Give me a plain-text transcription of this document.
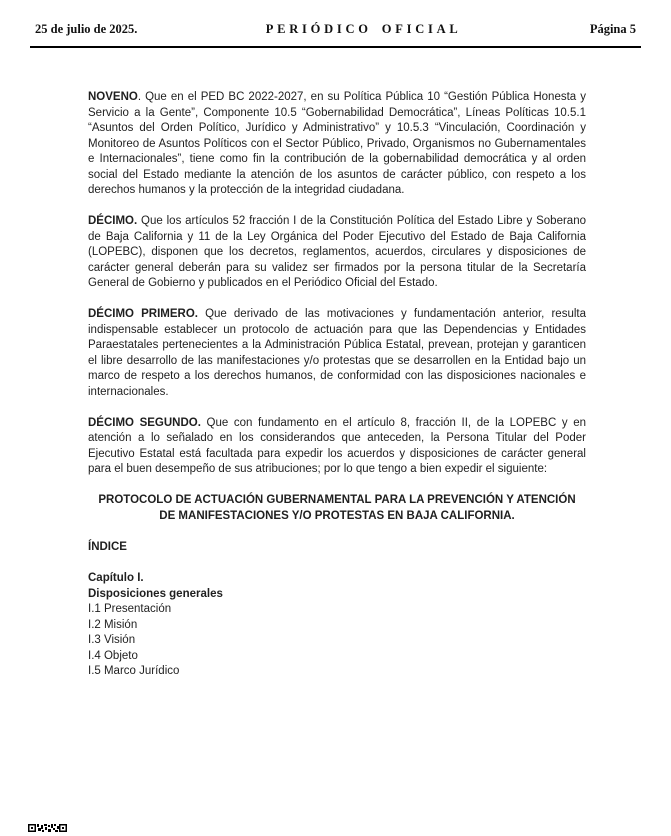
25 de julio de 2025.	PERIÓDICO OFICIAL	Página 5

NOVENO. Que en el PED BC 2022-2027, en su Política Pública 10 “Gestión Pública Honesta y Servicio a la Gente”, Componente 10.5 “Gobernabilidad Democrática”, Líneas Políticas 10.5.1 “Asuntos del Orden Político, Jurídico y Administrativo” y 10.5.3 “Vinculación, Coordinación y Monitoreo de Asuntos Políticos con el Sector Público, Privado, Organismos no Gubernamentales e Internacionales”, tiene como fin la contribución de la gobernabilidad democrática y al orden social del Estado mediante la atención de los asuntos de carácter público, con respeto a los derechos humanos y la protección de la integridad ciudadana.

DÉCIMO. Que los artículos 52 fracción I de la Constitución Política del Estado Libre y Soberano de Baja California y 11 de la Ley Orgánica del Poder Ejecutivo del Estado de Baja California (LOPEBC), disponen que los decretos, reglamentos, acuerdos, circulares y disposiciones de carácter general deberán para su validez ser firmados por la persona titular de la Secretaría General de Gobierno y publicados en el Periódico Oficial del Estado.

DÉCIMO PRIMERO. Que derivado de las motivaciones y fundamentación anterior, resulta indispensable establecer un protocolo de actuación para que las Dependencias y Entidades Paraestatales pertenecientes a la Administración Pública Estatal, prevean, protejan y garanticen el libre desarrollo de las manifestaciones y/o protestas que se desarrollen en la Entidad bajo un marco de respeto a los derechos humanos, de conformidad con las disposiciones nacionales e internacionales.

DÉCIMO SEGUNDO. Que con fundamento en el artículo 8, fracción II, de la LOPEBC y en atención a lo señalado en los considerandos que anteceden, la Persona Titular del Poder Ejecutivo Estatal está facultada para expedir los acuerdos y disposiciones de carácter general para el buen desempeño de sus atribuciones; por lo que tengo a bien expedir el siguiente:

PROTOCOLO DE ACTUACIÓN GUBERNAMENTAL PARA LA PREVENCIÓN Y ATENCIÓN DE MANIFESTACIONES Y/O PROTESTAS EN BAJA CALIFORNIA.
ÍNDICE
Capítulo I.
Disposiciones generales
I.1 Presentación
I.2 Misión
I.3 Visión
I.4 Objeto
I.5 Marco Jurídico
